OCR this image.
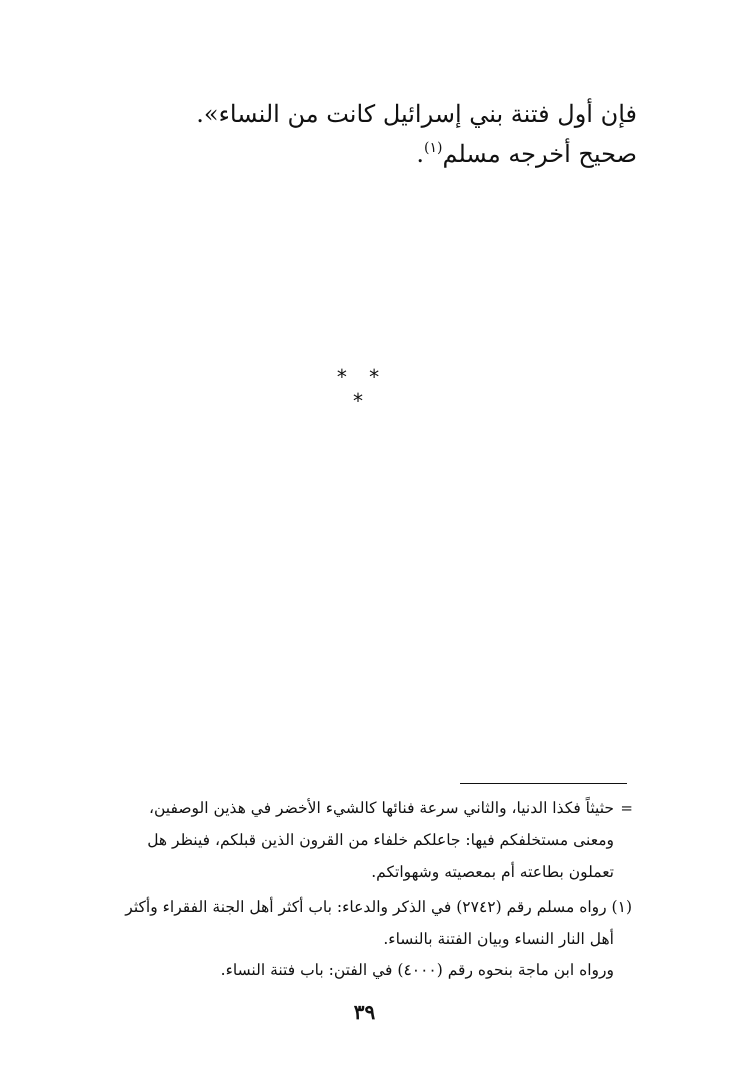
فإن أول فتنة بني إسرائيل كانت من النساء».
صحيح أخرجه مسلم$^{(١)}$.
* * *
=
حثيثاً فكذا الدنيا، والثاني سرعة فنائها كالشيء الأخضر في هذين الوصفين،
ومعنى مستخلفكم فيها: جاعلكم خلفاء من القرون الذين قبلكم، فينظر هل
تعملون بطاعته أم بمعصيته وشهواتكم.
(١) رواه مسلم رقم (٢٧٤٢) في الذكر والدعاء: باب أكثر أهل الجنة الفقراء وأكثر
أهل النار النساء وبيان الفتنة بالنساء.
ورواه ابن ماجة بنحوه رقم (٤٠٠٠) في الفتن: باب فتنة النساء.
٣٩
